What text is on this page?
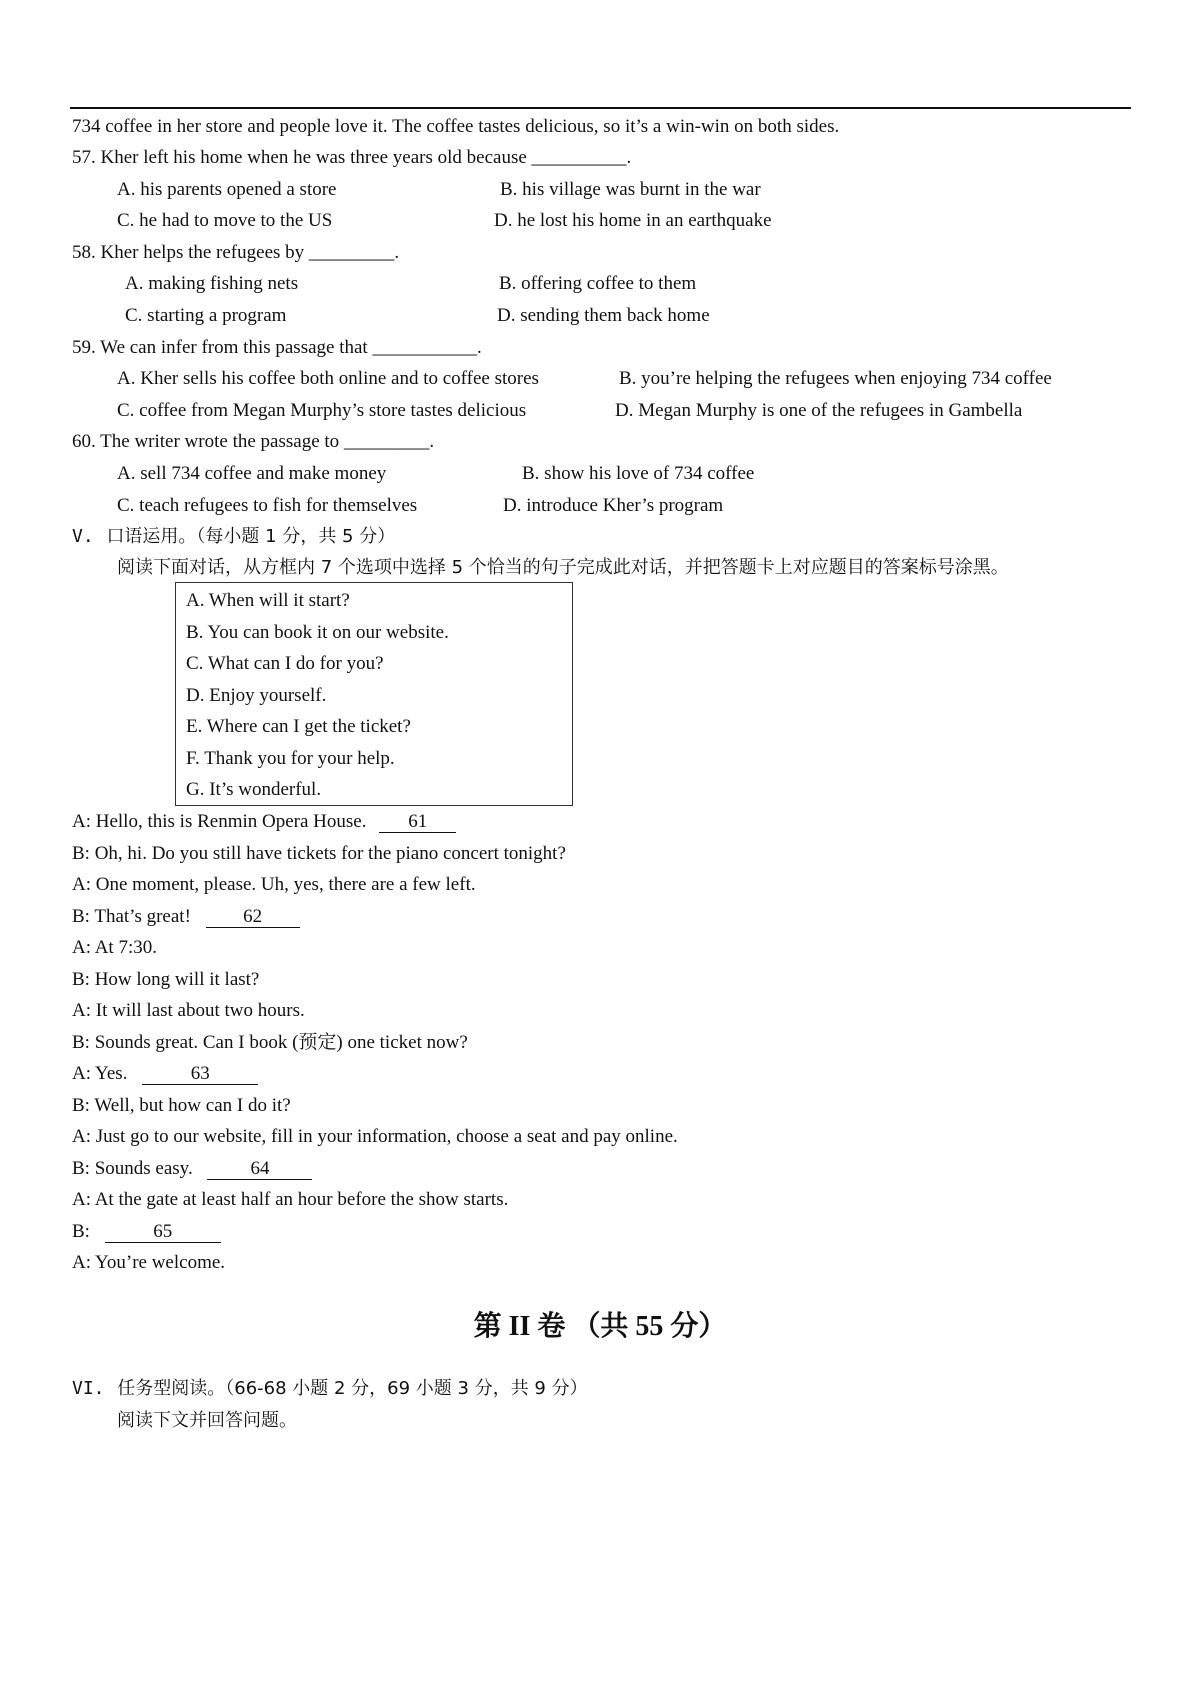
734 coffee in her store and people love it. The coffee tastes delicious, so it’s a win-win on both sides.
57. Kher left his home when he was three years old because __________.
A. his parents opened a store	B. his village was burnt in the war
C. he had to move to the US	D. he lost his home in an earthquake
58. Kher helps the refugees by _________.
A. making fishing nets	B. offering coffee to them
C. starting a program	D. sending them back home
59. We can infer from this passage that ___________.
A. Kher sells his coffee both online and to coffee stores	B. you’re helping the refugees when enjoying 734 coffee
C. coffee from Megan Murphy’s store tastes delicious	D. Megan Murphy is one of the refugees in Gambella
60. The writer wrote the passage to _________.
A. sell 734 coffee and make money	B. show his love of 734 coffee
C. teach refugees to fish for themselves	D. introduce Kher’s program
V. 口语运用。（每小题 1 分，共 5 分）
阅读下面对话，从方框内 7 个选项中选择 5 个恰当的句子完成此对话，并把答题卡上对应题目的答案标号涂黑。
A. When will it start?
B. You can book it on our website.
C. What can I do for you?
D. Enjoy yourself.
E. Where can I get the ticket?
F. Thank you for your help.
G. It’s wonderful.
A: Hello, this is Renmin Opera House. 61
B: Oh, hi. Do you still have tickets for the piano concert tonight?
A: One moment, please. Uh, yes, there are a few left.
B: That’s great!	62
A: At 7:30.
B: How long will it last?
A: It will last about two hours.
B: Sounds great. Can I book (预定) one ticket now?
A: Yes.	63
B: Well, but how can I do it?
A: Just go to our website, fill in your information, choose a seat and pay online.
B: Sounds easy.	64
A: At the gate at least half an hour before the show starts.
B:	65
A: You’re welcome.
第 II 卷 （共 55 分）
VI. 任务型阅读。（66-68 小题 2 分，69 小题 3 分，共 9 分）
阅读下文并回答问题。
